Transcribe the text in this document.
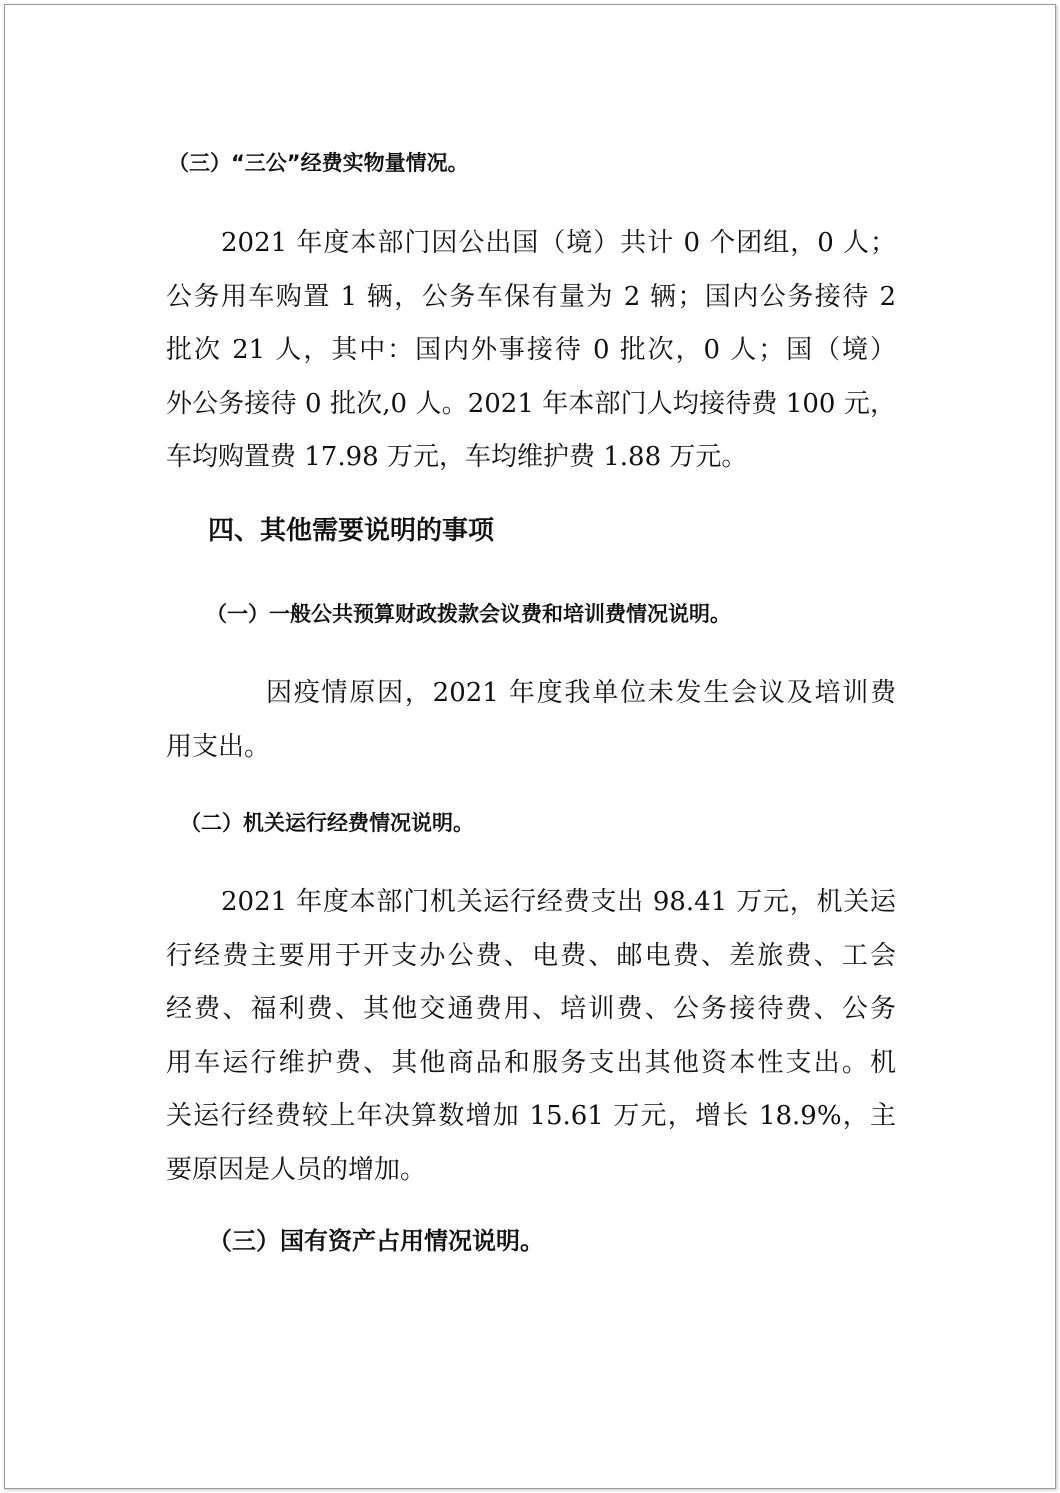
（三）“三公”经费实物量情况。

2021 年度本部门因公出国（境）共计 0 个团组，0 人；
公务用车购置 1 辆，公务车保有量为 2 辆；国内公务接待 2
批次 21 人，其中：国内外事接待 0 批次，0 人；国（境）
外公务接待 0 批次,0 人。2021 年本部门人均接待费 100 元，
车均购置费 17.98 万元，车均维护费 1.88 万元。

四、其他需要说明的事项

（一）一般公共预算财政拨款会议费和培训费情况说明。

因疫情原因，2021 年度我单位未发生会议及培训费
用支出。

（二）机关运行经费情况说明。

2021 年度本部门机关运行经费支出 98.41 万元，机关运
行经费主要用于开支办公费、电费、邮电费、差旅费、工会
经费、福利费、其他交通费用、培训费、公务接待费、公务
用车运行维护费、其他商品和服务支出其他资本性支出。机
关运行经费较上年决算数增加 15.61 万元，增长 18.9%，主
要原因是人员的增加。

（三）国有资产占用情况说明。
